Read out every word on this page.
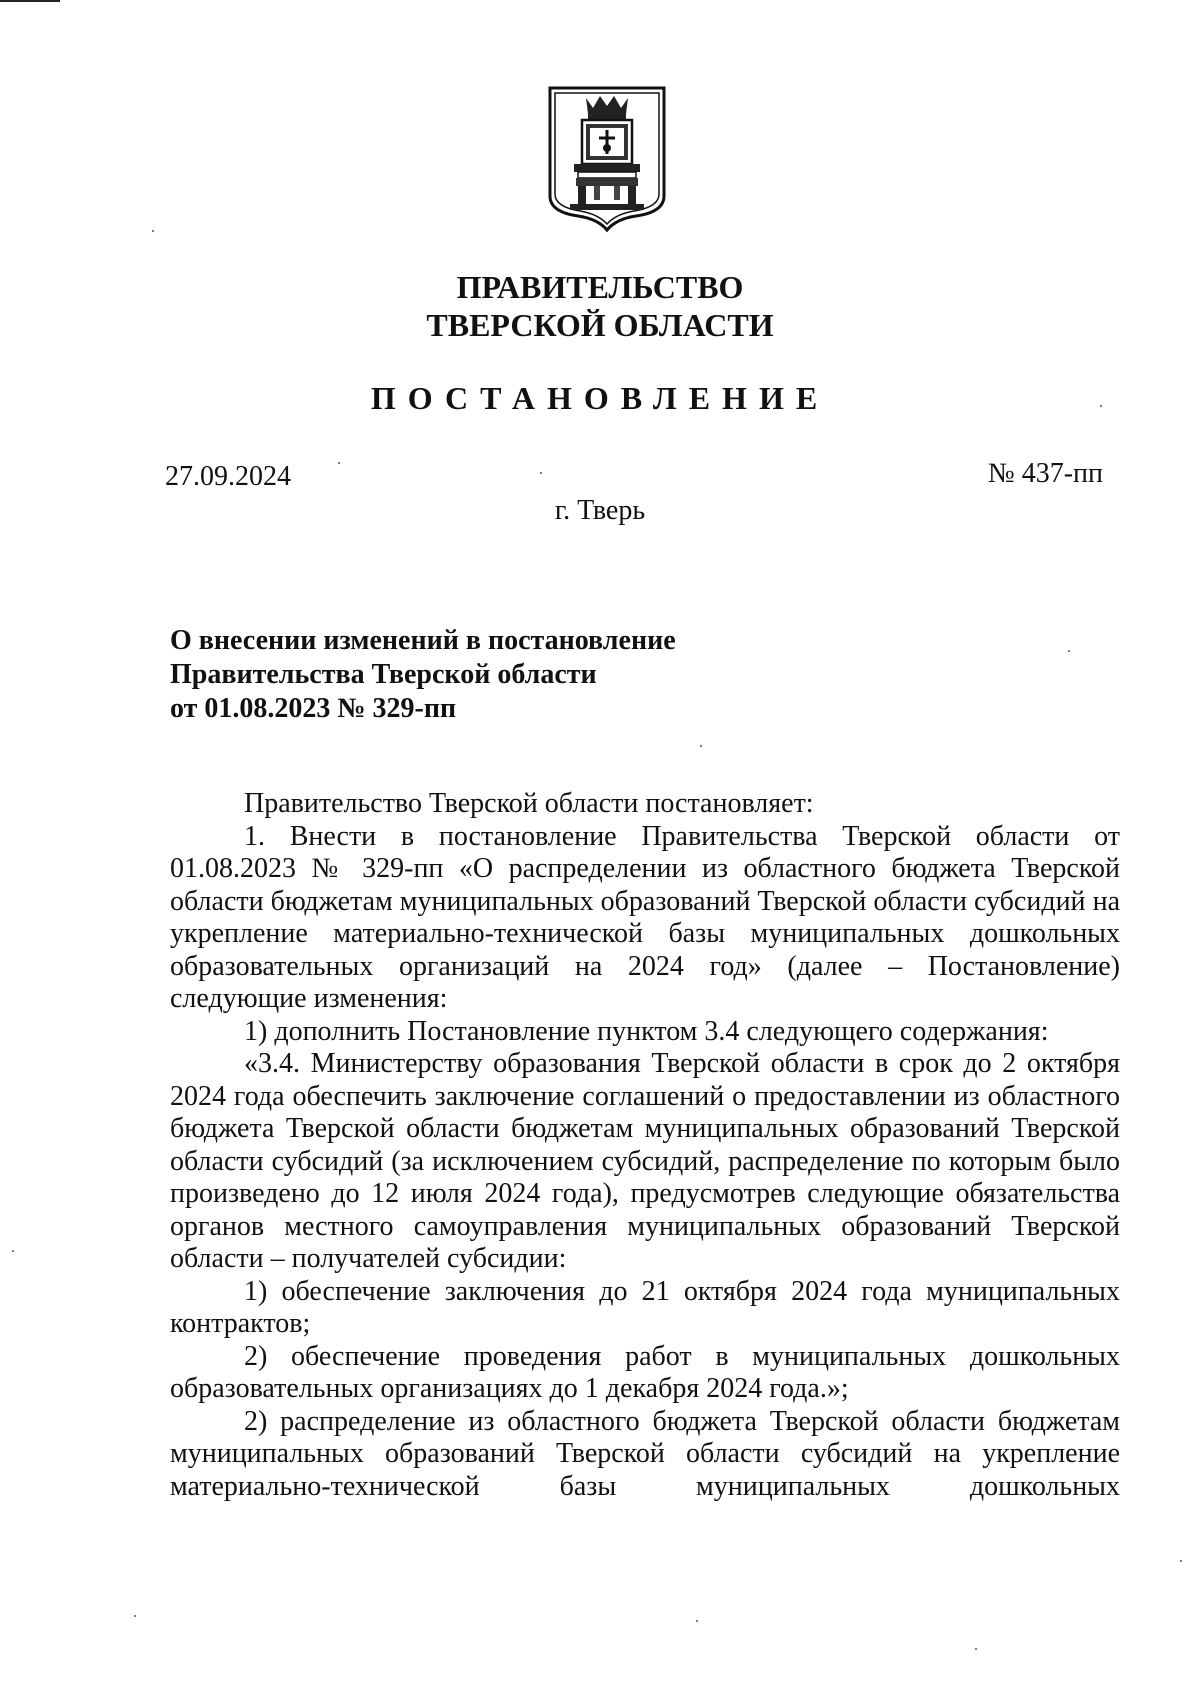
ПРАВИТЕЛЬСТВО
ТВЕРСКОЙ ОБЛАСТИ
ПОСТАНОВЛЕНИЕ
27.09.2024	№ 437-пп
г. Тверь
О внесении изменений в постановление
Правительства Тверской области
от 01.08.2023 № 329-пп

Правительство Тверской области постановляет:

1. Внести в постановление Правительства Тверской области от 01.08.2023 № 329-пп «О распределении из областного бюджета Тверской области бюджетам муниципальных образований Тверской области субсидий на укрепление материально-технической базы муниципальных дошкольных образовательных организаций на 2024 год» (далее – Постановление) следующие изменения:

1) дополнить Постановление пунктом 3.4 следующего содержания:

«3.4. Министерству образования Тверской области в срок до 2 октября 2024 года обеспечить заключение соглашений о предоставлении из областного бюджета Тверской области бюджетам муниципальных образований Тверской области субсидий (за исключением субсидий, распределение по которым было произведено до 12 июля 2024 года), предусмотрев следующие обязательства органов местного самоуправления муниципальных образований Тверской области – получателей субсидии:

1) обеспечение заключения до 21 октября 2024 года муниципальных контрактов;

2) обеспечение проведения работ в муниципальных дошкольных образовательных организациях до 1 декабря 2024 года.»;

2) распределение из областного бюджета Тверской области бюджетам муниципальных образований Тверской области субсидий на укрепление материально-технической базы муниципальных дошкольных
